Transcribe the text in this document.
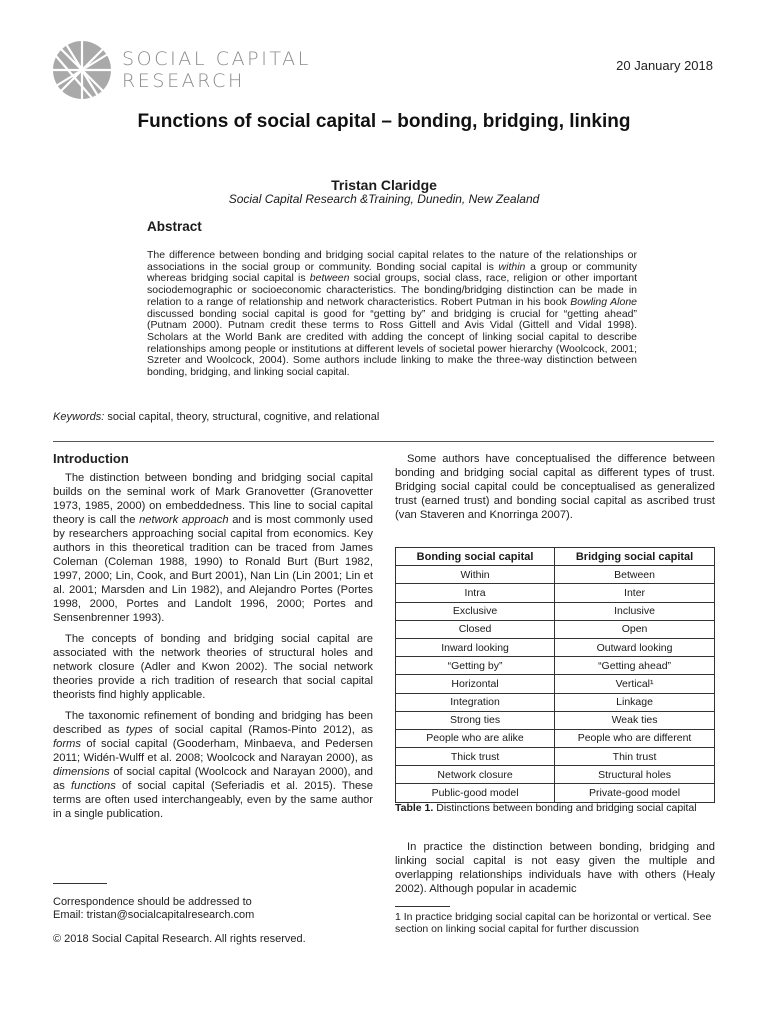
SOCIAL CAPITAL
RESEARCH
20 January 2018
Functions of social capital – bonding, bridging, linking
Tristan Claridge
Social Capital Research &Training, Dunedin, New Zealand
Abstract
The difference between bonding and bridging social capital relates to the nature of the relationships or associations in the social group or community. Bonding social capital is within a group or community whereas bridging social capital is between social groups, social class, race, religion or other important sociodemographic or socioeconomic characteristics. The bonding/bridging distinction can be made in relation to a range of relationship and network characteristics. Robert Putman in his book Bowling Alone discussed bonding social capital is good for “getting by” and bridging is crucial for “getting ahead” (Putnam 2000). Putnam credit these terms to Ross Gittell and Avis Vidal (Gittell and Vidal 1998). Scholars at the World Bank are credited with adding the concept of linking social capital to describe relationships among people or institutions at different levels of societal power hierarchy (Woolcock, 2001; Szreter and Woolcock, 2004). Some authors include linking to make the three-way distinction between bonding, bridging, and linking social capital.
Keywords: social capital, theory, structural, cognitive, and relational
Introduction

The distinction between bonding and bridging social capital builds on the seminal work of Mark Granovetter (Granovetter 1973, 1985, 2000) on embeddedness. This line to social capital theory is call the network approach and is most commonly used by researchers approaching social capital from economics. Key authors in this theoretical tradition can be traced from James Coleman (Coleman 1988, 1990) to Ronald Burt (Burt 1982, 1997, 2000; Lin, Cook, and Burt 2001), Nan Lin (Lin 2001; Lin et al. 2001; Marsden and Lin 1982), and Alejandro Portes (Portes 1998, 2000, Portes and Landolt 1996, 2000; Portes and Sensenbrenner 1993).

The concepts of bonding and bridging social capital are associated with the network theories of structural holes and network closure (Adler and Kwon 2002). The social network theories provide a rich tradition of research that social capital theorists find highly applicable.

The taxonomic refinement of bonding and bridging has been described as types of social capital (Ramos-Pinto 2012), as forms of social capital (Gooderham, Minbaeva, and Pedersen 2011; Widén-Wulff et al. 2008; Woolcock and Narayan 2000), as dimensions of social capital (Woolcock and Narayan 2000), and as functions of social capital (Seferiadis et al. 2015). These terms are often used interchangeably, even by the same author in a single publication.

Some authors have conceptualised the difference between bonding and bridging social capital as different types of trust. Bridging social capital could be conceptualised as generalized trust (earned trust) and bonding social capital as ascribed trust (van Staveren and Knorringa 2007).

Bonding social capital	Bridging social capital
Within	Between
Intra	Inter
Exclusive	Inclusive
Closed	Open
Inward looking	Outward looking
“Getting by”	“Getting ahead”
Horizontal	Vertical¹
Integration	Linkage
Strong ties	Weak ties
People who are alike	People who are different
Thick trust	Thin trust
Network closure	Structural holes
Public-good model	Private-good model
Table 1. Distinctions between bonding and bridging social capital

In practice the distinction between bonding, bridging and linking social capital is not easy given the multiple and overlapping relationships individuals have with others (Healy 2002). Although popular in academic

1 In practice bridging social capital can be horizontal or vertical. See section on linking social capital for further discussion
Correspondence should be addressed to
Email: tristan@socialcapitalresearch.com
© 2018 Social Capital Research. All rights reserved.
